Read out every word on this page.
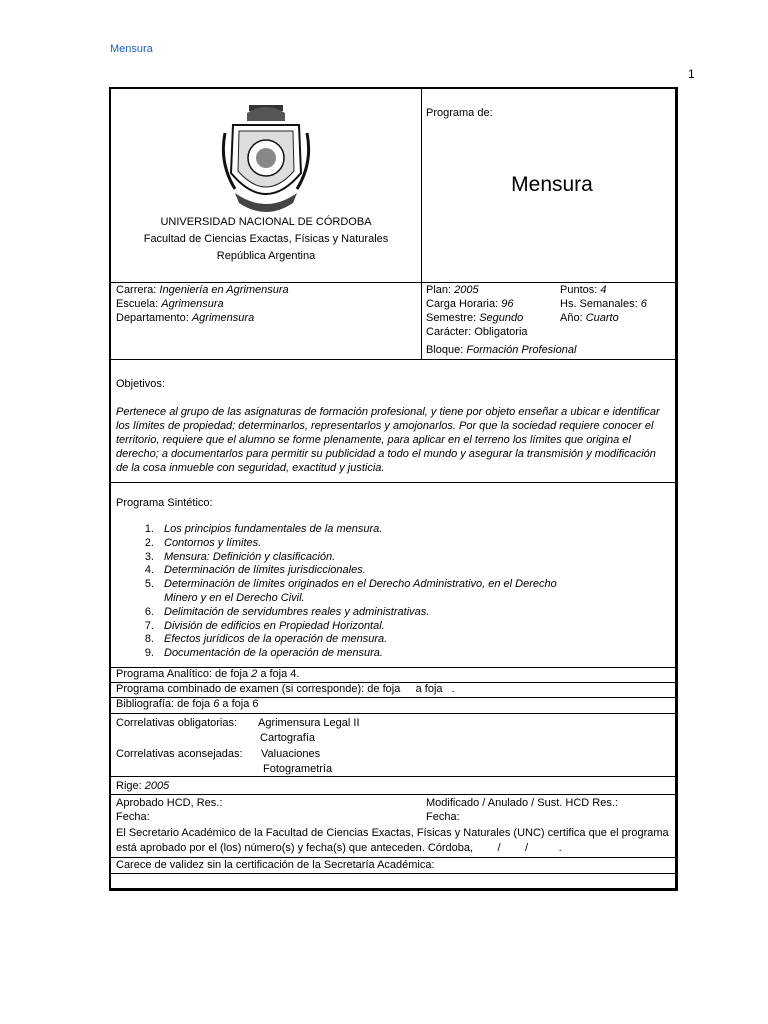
Mensura
1
UNIVERSIDAD NACIONAL DE CÓRDOBA
Facultad de Ciencias Exactas, Físicas y Naturales
República Argentina
Programa de:
Mensura
Carrera: Ingeniería en Agrimensura
Escuela: Agrimensura
Departamento: Agrimensura
Plan: 2005
Carga Horaria: 96
Semestre: Segundo
Carácter: Obligatoria
Bloque: Formación Profesional
Puntos: 4
Hs. Semanales: 6
Año: Cuarto
Objetivos:
Pertenece al grupo de las asignaturas de formación profesional, y tiene por objeto enseñar a ubicar e identificar los límites de propiedad; determinarlos, representarlos y amojonarlos. Por que la sociedad requiere conocer el territorio, requiere que el alumno se forme plenamente, para aplicar en el terreno los límites que origina el derecho; a documentarlos para permitir su publicidad a todo el mundo y asegurar la transmisión y modificación de la cosa inmueble con seguridad, exactitud y justicia.
Programa Sintético:
1. Los principios fundamentales de la mensura.
2. Contornos y límites.
3. Mensura: Definición y clasificación.
4. Determinación de límites jurisdiccionales.
5. Determinación de límites originados en el Derecho Administrativo, en el Derecho Minero y en el Derecho Civil.
6. Delimitación de servidumbres reales y administrativas.
7. División de edificios en Propiedad Horizontal.
8. Efectos jurídicos de la operación de mensura.
9. Documentación de la operación de mensura.
Programa Analítico: de foja 2 a foja 4.
Programa combinado de examen (si corresponde): de foja     a foja   .
Bibliografía: de foja 6 a foja 6
Correlativas obligatorias: Agrimensura Legal II
Cartografía
Correlativas aconsejadas: Valuaciones
Fotogrametría
Rige: 2005
Aprobado HCD, Res.:
Fecha:
Modificado / Anulado / Sust. HCD Res.:
Fecha:
El Secretario Académico de la Facultad de Ciencias Exactas, Físicas y Naturales (UNC) certifica que el programa está aprobado por el (los) número(s) y fecha(s) que anteceden. Córdoba,        /        /          .
Carece de validez sin la certificación de la Secretaría Académica:
